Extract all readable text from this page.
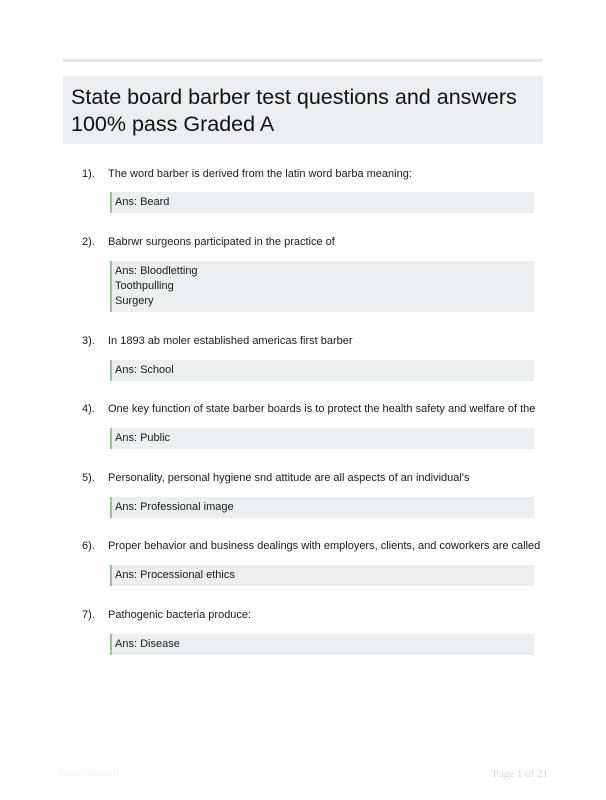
State board barber test questions and answers 100% pass Graded A
1). The word barber is derived from the latin word barba meaning:
Ans: Beard
2). Babrwr surgeons participated in the practice of
Ans: Bloodletting
Toothpulling
Surgery
3). In 1893 ab moler established americas first barber
Ans: School
4). One key function of state barber boards is to protect the health safety and welfare of the
Ans: Public
5). Personality, personal hygiene snd attitude are all aspects of an individual's
Ans: Professional image
6). Proper behavior and business dealings with employers, clients, and coworkers are called
Ans: Processional ethics
7). Pathogenic bacteria produce:
Ans: Disease
Paperlibi.com	Page 1 of 21
